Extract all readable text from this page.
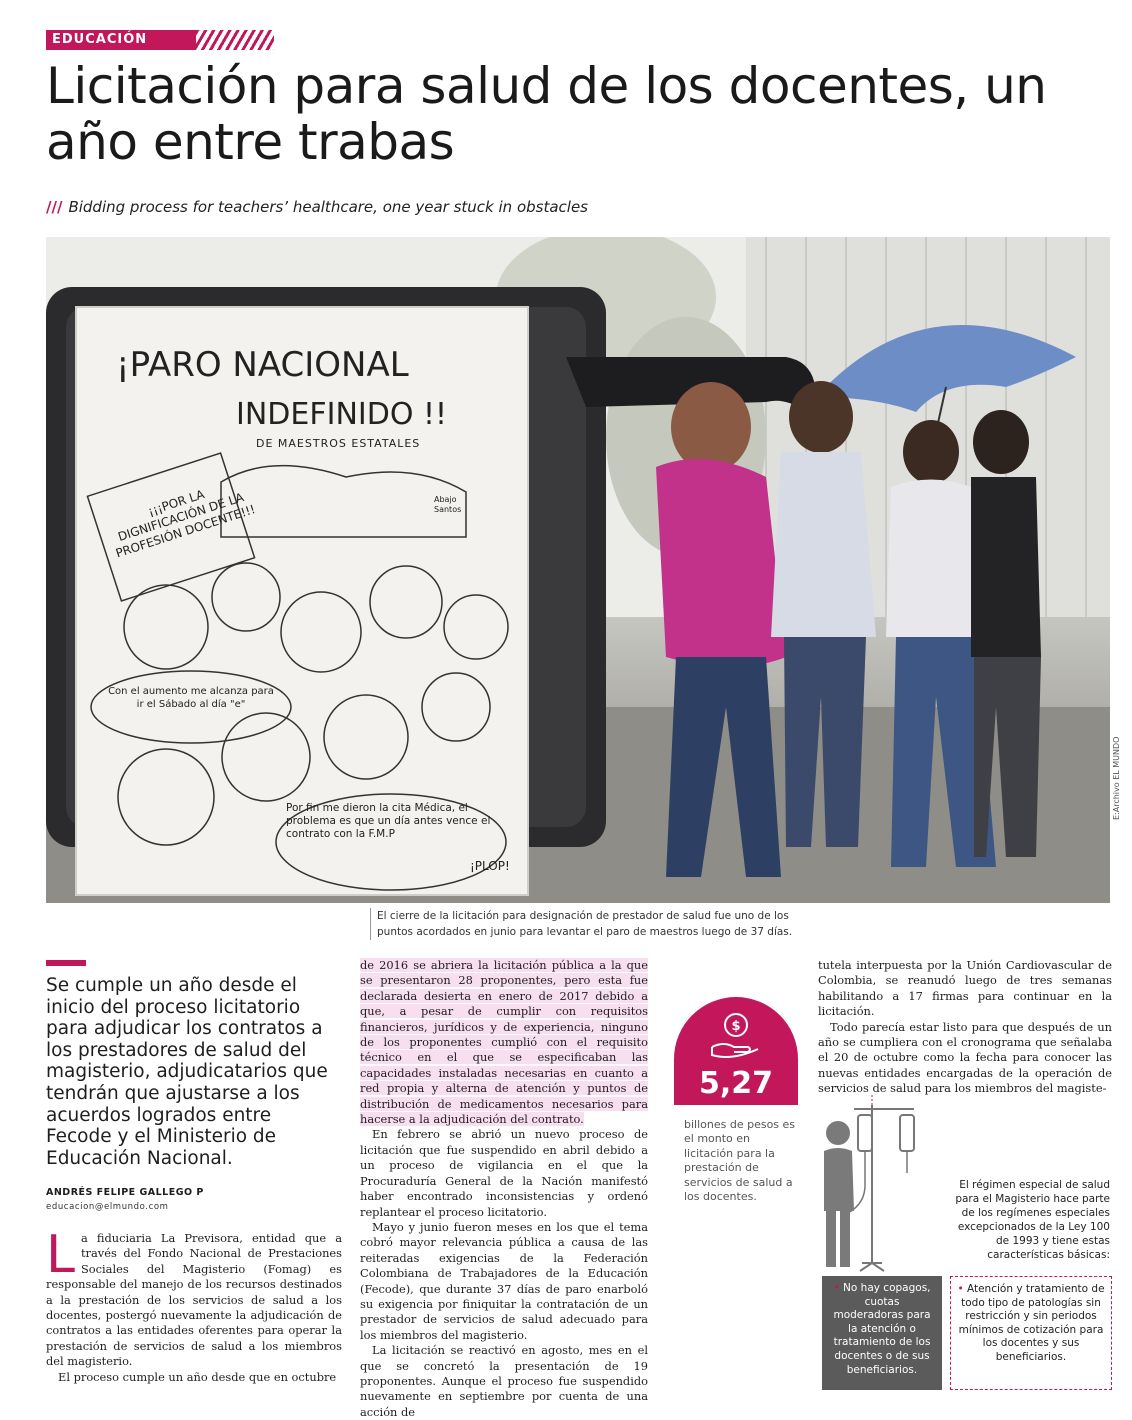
EDUCACIÓN
Licitación para salud de los docentes, un año entre trabas
/// Bidding process for teachers’ healthcare, one year stuck in obstacles
¡PARO NACIONAL
INDEFINIDO !!
DE MAESTROS ESTATALES
¡¡¡POR LA DIGNIFICACIÓN DE LA PROFESIÓN DOCENTE!!!
Abajo Santos
Con el aumento me alcanza para ir el Sábado al día "e"
Por fin me dieron la cita Médica, el problema es que un día antes vence el contrato con la F.M.P
¡PLOP!
E:Archivo EL MUNDO
El cierre de la licitación para designación de prestador de salud fue uno de los puntos acordados en junio para levantar el paro de maestros luego de 37 días.
Se cumple un año desde el inicio del proceso licitatorio para adjudicar los contratos a los prestadores de salud del magisterio, adjudicatarios que tendrán que ajustarse a los acuerdos logrados entre Fecode y el Ministerio de Educación Nacional.
ANDRÉS FELIPE GALLEGO P
educacion@elmundo.com
L a fiduciaria La Previsora, entidad que a través del Fondo Nacional de Prestaciones Sociales del Magisterio (Fomag) es responsable del manejo de los recursos destinados a la prestación de los servicios de salud a los docentes, postergó nuevamente la adjudicación de contratos a las entidades oferentes para operar la prestación de servicios de salud a los miembros del magisterio.

El proceso cumple un año desde que en octubre

de 2016 se abriera la licitación pública a la que se presentaron 28 proponentes, pero esta fue declarada desierta en enero de 2017 debido a que, a pesar de cumplir con requisitos financieros, jurídicos y de experiencia, ninguno de los proponentes cumplió con el requisito técnico en el que se especificaban las capacidades instaladas necesarias en cuanto a red propia y alterna de atención y puntos de distribución de medicamentos necesarios para hacerse a la adjudicación del contrato.

En febrero se abrió un nuevo proceso de licitación que fue suspendido en abril debido a un proceso de vigilancia en el que la Procuraduría General de la Nación manifestó haber encontrado inconsistencias y ordenó replantear el proceso licitatorio.

Mayo y junio fueron meses en los que el tema cobró mayor relevancia pública a causa de las reiteradas exigencias de la Federación Colombiana de Trabajadores de la Educación (Fecode), que durante 37 días de paro enarboló su exigencia por finiquitar la contratación de un prestador de servicios de salud adecuado para los miembros del magisterio.

La licitación se reactivó en agosto, mes en el que se concretó la presentación de 19 proponentes. Aunque el proceso fue suspendido nuevamente en septiembre por cuenta de una acción de

$
5,27
billones de pesos es el monto en licitación para la prestación de servicios de salud a los docentes.

tutela interpuesta por la Unión Cardiovascular de Colombia, se reanudó luego de tres semanas habilitando a 17 firmas para continuar en la licitación.

Todo parecía estar listo para que después de un año se cumpliera con el cronograma que señalaba el 20 de octubre como la fecha para conocer las nuevas entidades encargadas de la operación de servicios de salud para los miembros del magiste-

El régimen especial de salud para el Magisterio hace parte de los regímenes especiales excepcionados de la Ley 100 de 1993 y tiene estas características básicas:
• No hay copagos, cuotas moderadoras para la atención o tratamiento de los docentes o de sus beneficiarios.
• Atención y tratamiento de todo tipo de patologías sin restricción y sin periodos mínimos de cotización para los docentes y sus beneficiarios.
